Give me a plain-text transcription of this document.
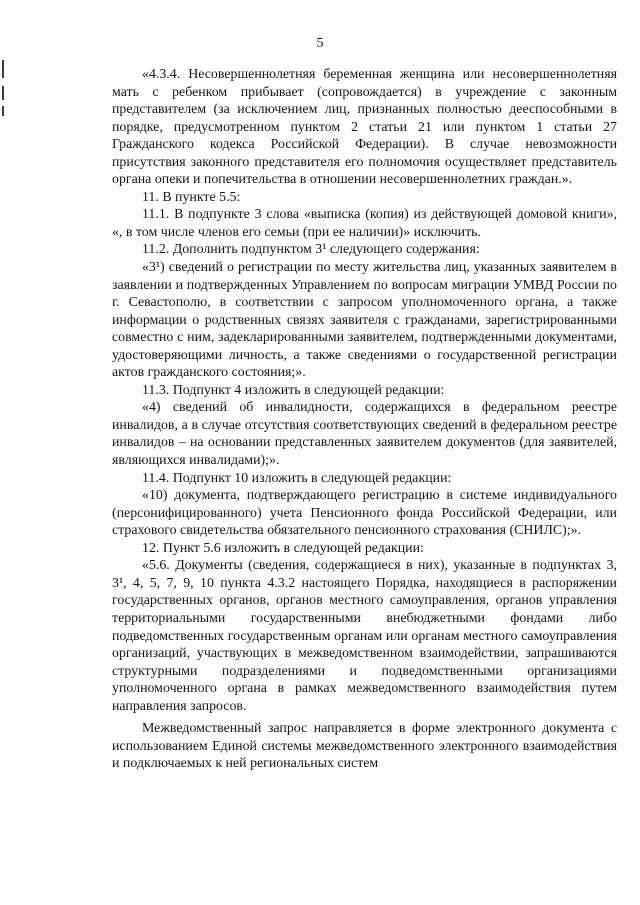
5

«4.3.4. Несовершеннолетняя беременная женщина или несовершеннолетняя мать с ребенком прибывает (сопровождается) в учреждение с законным представителем (за исключением лиц, признанных полностью дееспособными в порядке, предусмотренном пунктом 2 статьи 21 или пунктом 1 статьи 27 Гражданского кодекса Российской Федерации). В случае невозможности присутствия законного представителя его полномочия осуществляет представитель органа опеки и попечительства в отношении несовершеннолетних граждан.».

11. В пункте 5.5:

11.1. В подпункте 3 слова «выписка (копия) из действующей домовой книги», «, в том числе членов его семьи (при ее наличии)» исключить.

11.2. Дополнить подпунктом 3¹ следующего содержания:

«3¹) сведений о регистрации по месту жительства лиц, указанных заявителем в заявлении и подтвержденных Управлением по вопросам миграции УМВД России по г. Севастополю, в соответствии с запросом уполномоченного органа, а также информации о родственных связях заявителя с гражданами, зарегистрированными совместно с ним, задекларированными заявителем, подтвержденными документами, удостоверяющими личность, а также сведениями о государственной регистрации актов гражданского состояния;».

11.3. Подпункт 4 изложить в следующей редакции:

«4) сведений об инвалидности, содержащихся в федеральном реестре инвалидов, а в случае отсутствия соответствующих сведений в федеральном реестре инвалидов – на основании представленных заявителем документов (для заявителей, являющихся инвалидами);».

11.4. Подпункт 10 изложить в следующей редакции:

«10) документа, подтверждающего регистрацию в системе индивидуального (персонифицированного) учета Пенсионного фонда Российской Федерации, или страхового свидетельства обязательного пенсионного страхования (СНИЛС);».

12. Пункт 5.6 изложить в следующей редакции:

«5.6. Документы (сведения, содержащиеся в них), указанные в подпунктах 3, 3¹, 4, 5, 7, 9, 10 пункта 4.3.2 настоящего Порядка, находящиеся в распоряжении государственных органов, органов местного самоуправления, органов управления территориальными государственными внебюджетными фондами либо подведомственных государственным органам или органам местного самоуправления организаций, участвующих в межведомственном взаимодействии, запрашиваются структурными подразделениями и подведомственными организациями уполномоченного органа в рамках межведомственного взаимодействия путем направления запросов.

Межведомственный запрос направляется в форме электронного документа с использованием Единой системы межведомственного электронного взаимодействия и подключаемых к ней региональных систем
